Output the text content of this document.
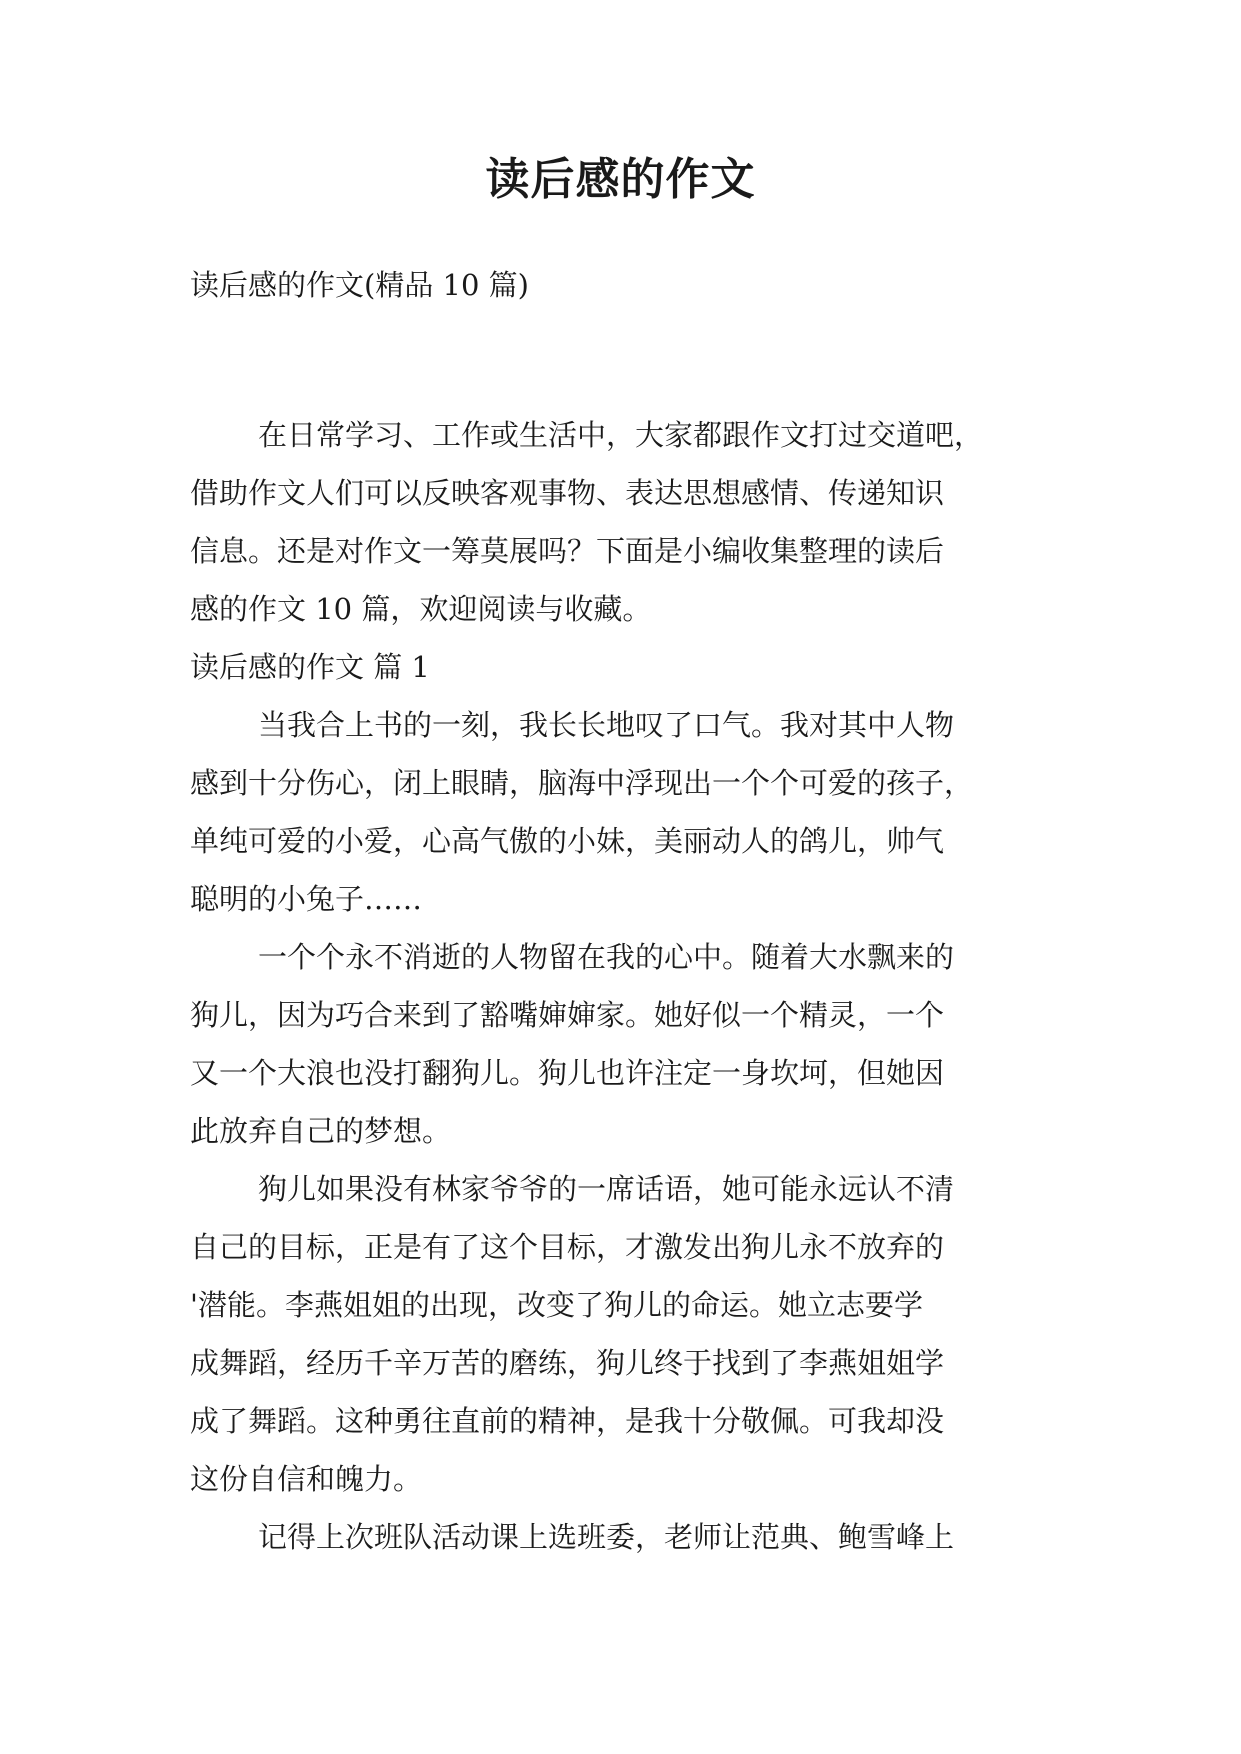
读后感的作文
读后感的作文(精品 10 篇)
在日常学习、工作或生活中，大家都跟作文打过交道吧，
借助作文人们可以反映客观事物、表达思想感情、传递知识
信息。还是对作文一筹莫展吗？下面是小编收集整理的读后
感的作文 10 篇，欢迎阅读与收藏。
读后感的作文 篇 1
当我合上书的一刻，我长长地叹了口气。我对其中人物
感到十分伤心，闭上眼睛，脑海中浮现出一个个可爱的孩子，
单纯可爱的小爱，心高气傲的小妹，美丽动人的鸽儿，帅气
聪明的小兔子……
一个个永不消逝的人物留在我的心中。随着大水飘来的
狗儿，因为巧合来到了豁嘴婶婶家。她好似一个精灵，一个
又一个大浪也没打翻狗儿。狗儿也许注定一身坎坷，但她因
此放弃自己的梦想。
狗儿如果没有林家爷爷的一席话语，她可能永远认不清
自己的目标，正是有了这个目标，才激发出狗儿永不放弃的
'潜能。李燕姐姐的出现，改变了狗儿的命运。她立志要学
成舞蹈，经历千辛万苦的磨练，狗儿终于找到了李燕姐姐学
成了舞蹈。这种勇往直前的精神，是我十分敬佩。可我却没
这份自信和魄力。
记得上次班队活动课上选班委，老师让范典、鲍雪峰上
